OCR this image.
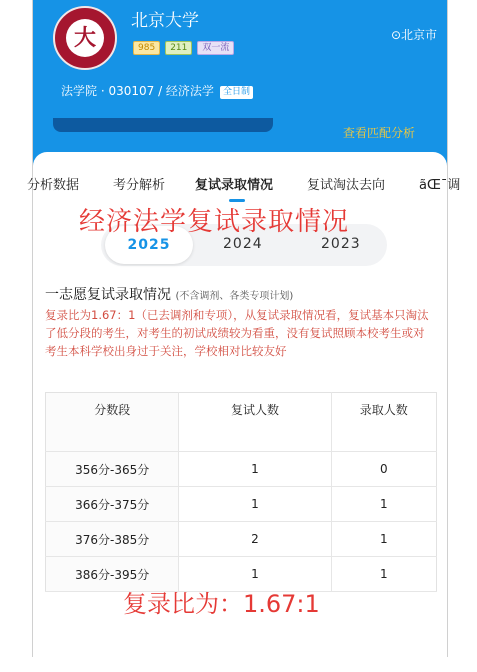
大
北京大学
⊙北京市
985 211 双一流
法学院 · 030107 / 经济法学 全日制
查看匹配分析
分析数据	考分解析 复试录取情况	复试淘汰去向	ãŒ¯调
2025	2024	2023
经济法学复试录取情况
一志愿复试录取情况 (不含调剂、各类专项计划)
复录比为1.67：1（已去调剂和专项），从复试录取情况看，复试基本只淘汰了低分段的考生，对考生的初试成绩较为看重，没有复试照顾本校考生或对考生本科学校出身过于关注，学校相对比较友好
分数段	复试人数	录取人数
356分-365分	1	0
366分-375分	1	1
376分-385分	2	1
386分-395分	1	1
复录比为：1.67:1
